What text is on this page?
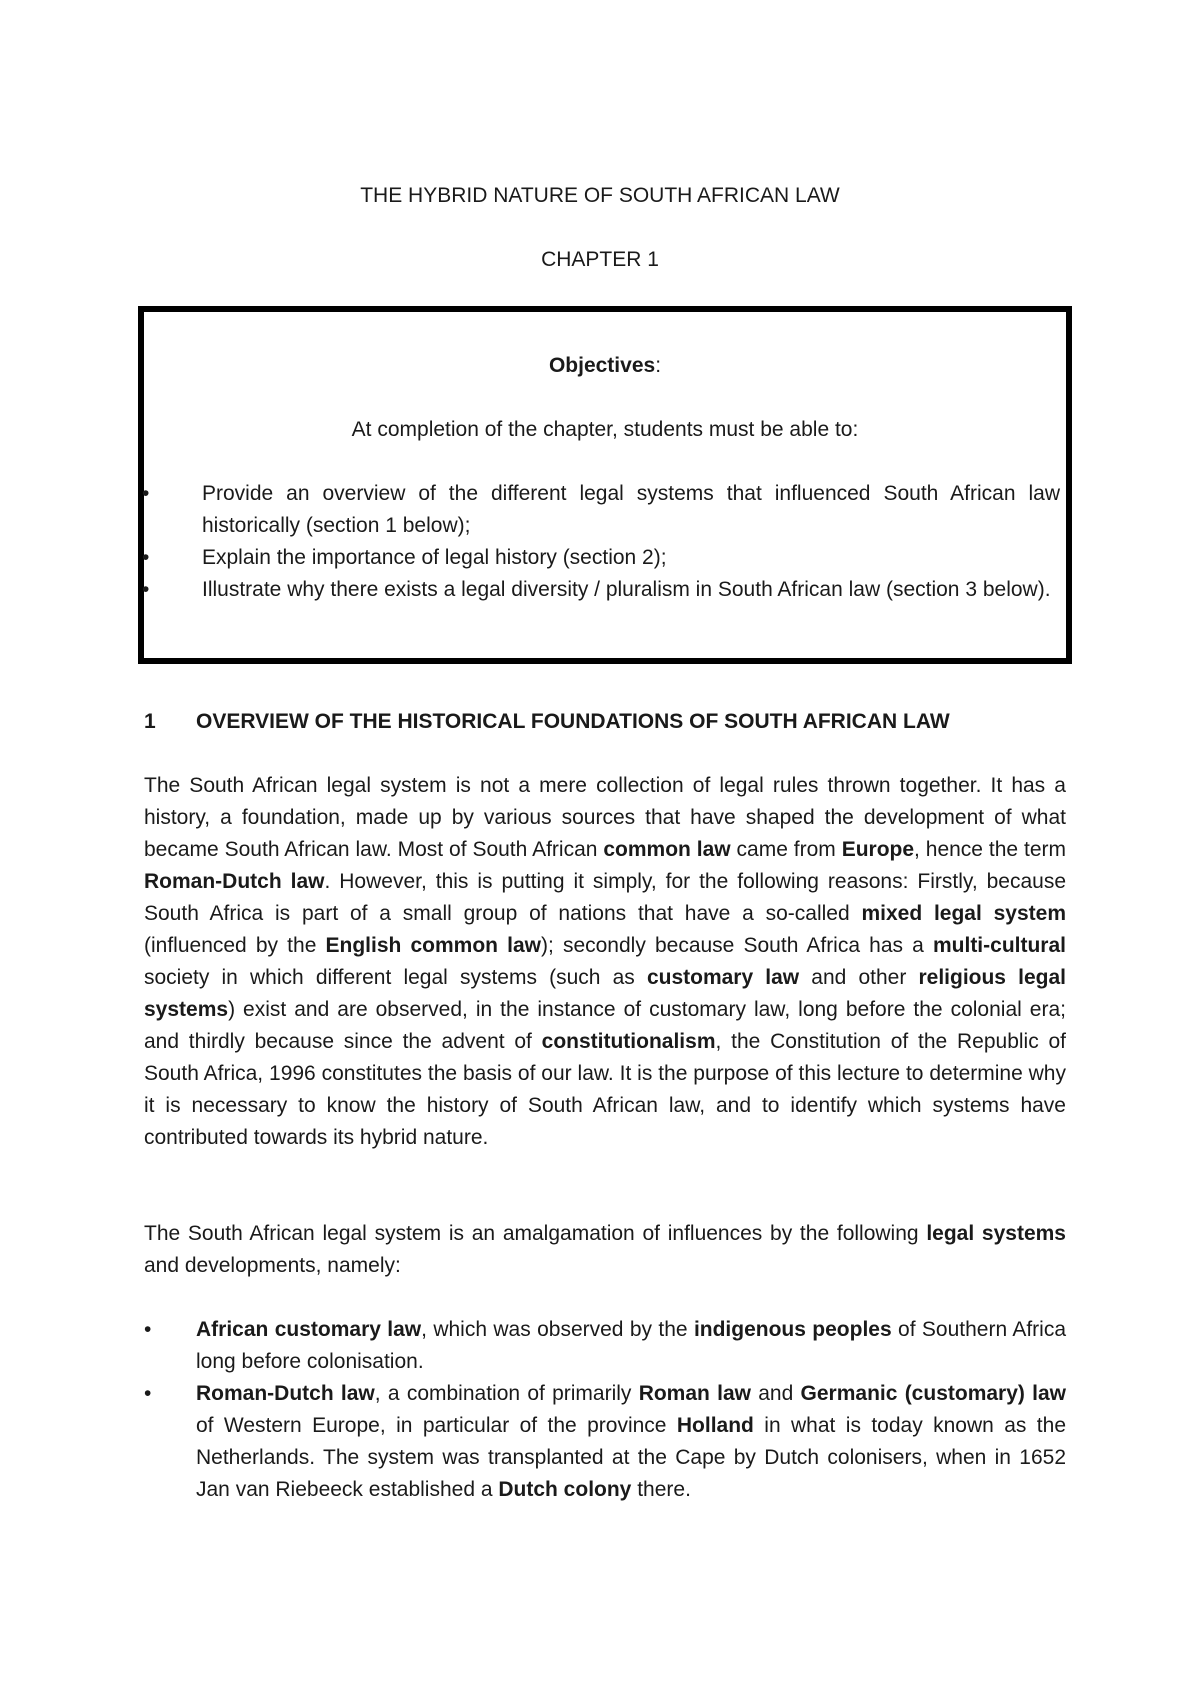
THE HYBRID NATURE OF SOUTH AFRICAN LAW
CHAPTER 1
Objectives:
At completion of the chapter, students must be able to:
•	Provide an overview of the different legal systems that influenced South African law historically (section 1 below);
•	Explain the importance of legal history (section 2);
•	Illustrate why there exists a legal diversity / pluralism in South African law (section 3 below).
1 OVERVIEW OF THE HISTORICAL FOUNDATIONS OF SOUTH AFRICAN LAW

The South African legal system is not a mere collection of legal rules thrown together. It has a history, a foundation, made up by various sources that have shaped the development of what became South African law. Most of South African common law came from Europe, hence the term Roman-Dutch law. However, this is putting it simply, for the following reasons: Firstly, because South Africa is part of a small group of nations that have a so-called mixed legal system (influenced by the English common law); secondly because South Africa has a multi-cultural society in which different legal systems (such as customary law and other religious legal systems) exist and are observed, in the instance of customary law, long before the colonial era; and thirdly because since the advent of constitutionalism, the Constitution of the Republic of South Africa, 1996 constitutes the basis of our law. It is the purpose of this lecture to determine why it is necessary to know the history of South African law, and to identify which systems have contributed towards its hybrid nature.

The South African legal system is an amalgamation of influences by the following legal systems and developments, namely:

• African customary law, which was observed by the indigenous peoples of Southern Africa long before colonisation.
• Roman-Dutch law, a combination of primarily Roman law and Germanic (customary) law of Western Europe, in particular of the province Holland in what is today known as the Netherlands. The system was transplanted at the Cape by Dutch colonisers, when in 1652 Jan van Riebeeck established a Dutch colony there.
